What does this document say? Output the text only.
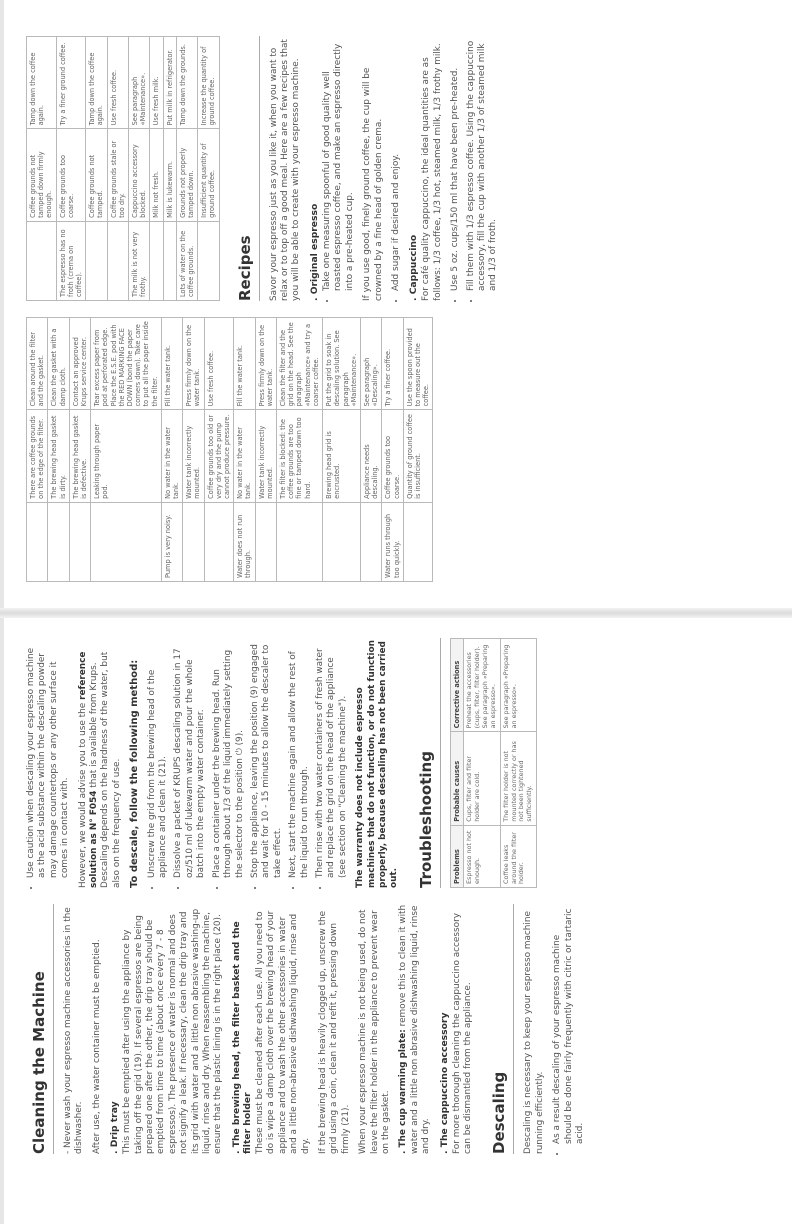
Cleaning the Machine	- Never wash your espresso machine accessories in the dishwasher. After use, the water container must be emptied. . Drip tray This must be emptied after using the appliance by taking off the grid (19). If several espressos are being prepared one after the other, the drip tray should be emptied from time to time (about once every 7 - 8 espressos). The presence of water is normal and does not signify a leak. If necessary, clean the drip tray and its grid with water and a little non abrasive washing-up liquid, rinse and dry. When reassembling the machine, ensure that the plastic lining is in the right place (20). . The brewing head, the filter basket and the filter holder These must be cleaned after each use. All you need to do is wipe a damp cloth over the brewing head of your appliance and to wash the other accessories in water and a little non-abrasive dishwashing liquid, rinse and dry. If the brewing head is heavily clogged up, unscrew the grid using a coin, clean it and refit it, pressing down firmly (21). When your espresso machine is not being used, do not leave the filter holder in the appliance to prevent wear on the gasket. . The cup warming plate: remove this to clean it with water and a little non abrasive dishwashing liquid, rinse and dry. . The cappuccino accessory For more thorough cleaning the cappuccino accessory can be dismantled from the appliance. Descaling	Descaling is necessary to keep your espresso machine running efficiently. • As a result descaling of your espresso machine should be done fairly frequently with citric or tartaric acid.
• Use caution when descaling your espresso machine as the acid substance within the descaling powder may damage countertops or any other surface it comes in contact with. However, we would advise you to use the reference solution as N° F054 that is available from Krups. Descaling depends on the hardness of the water, but also on the frequency of use. To descale, follow the following method: • Unscrew the grid from the brewing head of the appliance and clean it (21). • Dissolve a packet of KRUPS descaling solution in 17 oz/510 ml of lukewarm water and pour the whole batch into the empty water container. • Place a container under the brewing head. Run through about 1/3 of the liquid immediately setting the selector to the position ⏻ (9). • Stop the appliance, leaving the position (9) engaged and wait for 10 - 15 minutes to allow the descaler to take effect. • Next, start the machine again and allow the rest of the liquid to run through. • Then rinse with two water containers of fresh water and replace the grid on the head of the appliance (see section on "Cleaning the machine"). The warranty does not include espresso machines that do not function, or do not function properly, because descaling has not been carried out. Troubleshooting	Problems	Probable causes	Corrective actions
Espresso not hot enough.	Cups, filter and filter holder are cold.	Preheat the accessories (cups, filter, filter holder). See paragraph «Preparing an espresso».
Coffee leaks around the filter holder.	The filter holder is not mounted correctly or has not been tightened sufficiently.	See paragraph «Preparing an espresso».
	There are coffee grounds on the edge of the filter.	Clean around the filter and the gasket.
	The brewing head gasket is dirty.	Clean the gasket with a damp cloth.
	The brewing head gasket is defective.	Contact an approved Krups service center.
	Leaking through paper pod.	Tear excess paper from pod at perforated edge. Place the E.S.E. pod with the RED MARKING FACE DOWN (bond the paper corners down). Take care to put all the paper inside the filter.
Pump is very noisy.	No water in the water tank.	Fill the water tank.
	Water tank incorrectly mounted.	Press firmly down on the water tank.
	Coffee grounds too old or very dry and the pump cannot produce pressure.	Use fresh coffee.
Water does not run through.	No water in the water tank.	Fill the water tank.
	Water tank incorrectly mounted.	Press firmly down on the water tank.
	The filter is blocked: the coffee grounds are too fine or tamped down too hard.	Clean the filter and the grid on the head. See the paragraph «Maintenance» and try a coarser coffee.
	Brewing head grid is encrusted.	Put the grid to soak in descaling solution. See paragraph «Maintenance».
	Appliance needs descaling.	See paragraph «Descaling».
Water runs through too quickly.	Coffee grounds too coarse.	Try a finer coffee.
	Quantity of ground coffee is insufficient.	Use the spoon provided to measure out the coffee.
	Coffee grounds not tamped down firmly enough.	Tamp down the coffee again.
The espresso has no froth (crema on coffee).	Coffee grounds too coarse.	Try a finer ground coffee.
	Coffee grounds not tamped.	Tamp down the coffee again.
	Coffee grounds stale or too dry.	Use fresh coffee.
The milk is not very frothy.	Cappuccino accessory blocked.	See paragraph «Maintenance».
	Milk not fresh.	Use fresh milk.
	Milk is lukewarm.	Put milk in refrigerator.
Lots of water on the coffee grounds.	Grounds not properly tamped down.	Tamp down the grounds.
	Insufficient quantity of ground coffee.	Increase the quantity of ground coffee.
Recipes	Savor your espresso just as you like it, when you want to relax or to top off a good meal. Here are a few recipes that you will be able to create with your espresso machine. . Original espresso • Take one measuring spoonful of good quality well roasted espresso coffee, and make an espresso directly into a pre-heated cup. If you use good, finely ground coffee, the cup will be crowned by a fine head of golden crema. • Add sugar if desired and enjoy. . Cappuccino For café quality cappuccino, the ideal quantities are as follows: 1/3 coffee, 1/3 hot, steamed milk, 1/3 frothy milk. • Use 5 oz. cups/150 ml that have been pre-heated. • Fill them with 1/3 espresso coffee. Using the cappuccino accessory, fill the cup with another 1/3 of steamed milk and 1/3 of froth.
